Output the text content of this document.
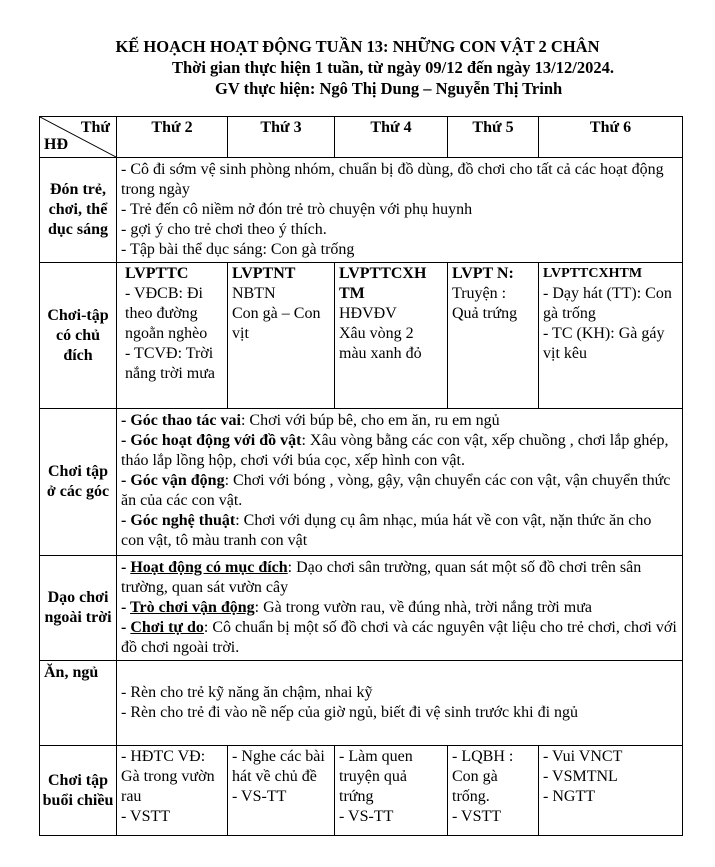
KẾ HOẠCH HOẠT ĐỘNG TUẦN 13: NHỮNG CON VẬT 2 CHÂN
Thời gian thực hiện 1 tuần, từ ngày 09/12 đến ngày 13/12/2024.
GV thực hiện: Ngô Thị Dung – Nguyễn Thị Trinh
Thứ
HĐ	Thứ 2	Thứ 3	Thứ 4	Thứ 5	Thứ 6
Đón trẻ, chơi, thể dục sáng	- Cô đi sớm vệ sinh phòng nhóm, chuẩn bị đồ dùng, đồ chơi cho tất cả các hoạt động trong ngày
- Trẻ đến cô niềm nở đón trẻ trò chuyện với phụ huynh
- gợi ý cho trẻ chơi theo ý thích.
- Tập bài thể dục sáng: Con gà trống				

Chơi-tập có chủ đích	LVPTTC
- VĐCB: Đi theo đường ngoằn nghèo
- TCVĐ: Trời nắng trời mưa	LVPTNT
NBTN
Con gà – Con vịt	LVPTTCXH TM
HĐVĐV
Xâu vòng 2 màu xanh đỏ	LVPT N:
Truyện : Quả trứng	LVPTTCXHTM
- Dạy hát (TT): Con gà trống
- TC (KH): Gà gáy vịt kêu

Chơi tập ở các góc	- Góc thao tác vai: Chơi với búp bê, cho em ăn, ru em ngủ
- Góc hoạt động với đồ vật: Xâu vòng bằng các con vật, xếp chuồng , chơi lắp ghép, tháo lắp lồng hộp, chơi với búa cọc, xếp hình con vật.
- Góc vận động: Chơi với bóng , vòng, gậy, vận chuyển các con vật, vận chuyển thức ăn của các con vật.
- Góc nghệ thuật: Chơi với dụng cụ âm nhạc, múa hát về con vật, nặn thức ăn cho con vật, tô màu tranh con vật				

Dạo chơi ngoài trời	- Hoạt động có mục đích: Dạo chơi sân trường, quan sát một số đồ chơi trên sân trường, quan sát vườn cây
- Trò chơi vận động: Gà trong vườn rau, về đúng nhà, trời nắng trời mưa
- Chơi tự do: Cô chuẩn bị một số đồ chơi và các nguyên vật liệu cho trẻ chơi, chơi với đồ chơi ngoài trời.				

Ăn, ngủ	- Rèn cho trẻ kỹ năng ăn chậm, nhai kỹ
- Rèn cho trẻ đi vào nề nếp của giờ ngủ, biết đi vệ sinh trước khi đi ngủ				

Chơi tập buổi chiều	- HĐTC VĐ: Gà trong vườn rau
- VSTT	- Nghe các bài hát về chủ đề
- VS-TT	- Làm quen truyện quả trứng
- VS-TT	- LQBH : Con gà trống.
- VSTT	- Vui VNCT
- VSMTNL
- NGTT
